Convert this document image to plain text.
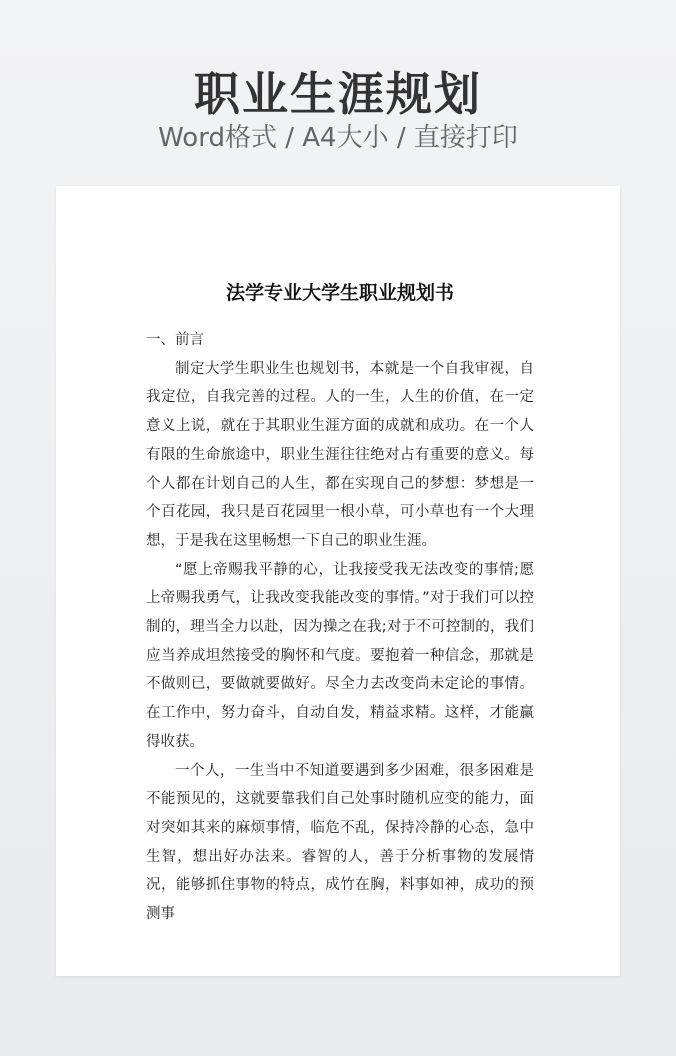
职业生涯规划
Word格式 / A4大小 / 直接打印
法学专业大学生职业规划书

一、前言

制定大学生职业生也规划书，本就是一个自我审视，自我定位，自我完善的过程。人的一生，人生的价值，在一定意义上说，就在于其职业生涯方面的成就和成功。在一个人有限的生命旅途中，职业生涯往往绝对占有重要的意义。每个人都在计划自己的人生，都在实现自己的梦想：梦想是一个百花园，我只是百花园里一根小草，可小草也有一个大理想，于是我在这里畅想一下自己的职业生涯。

“愿上帝赐我平静的心，让我接受我无法改变的事情;愿上帝赐我勇气，让我改变我能改变的事情。”对于我们可以控制的，理当全力以赴，因为操之在我;对于不可控制的，我们应当养成坦然接受的胸怀和气度。要抱着一种信念，那就是不做则已，要做就要做好。尽全力去改变尚未定论的事情。在工作中，努力奋斗，自动自发，精益求精。这样，才能赢得收获。

一个人，一生当中不知道要遇到多少困难，很多困难是不能预见的，这就要靠我们自己处事时随机应变的能力，面对突如其来的麻烦事情，临危不乱，保持冷静的心态，急中生智，想出好办法来。睿智的人，善于分析事物的发展情况，能够抓住事物的特点，成竹在胸，料事如神，成功的预测事
